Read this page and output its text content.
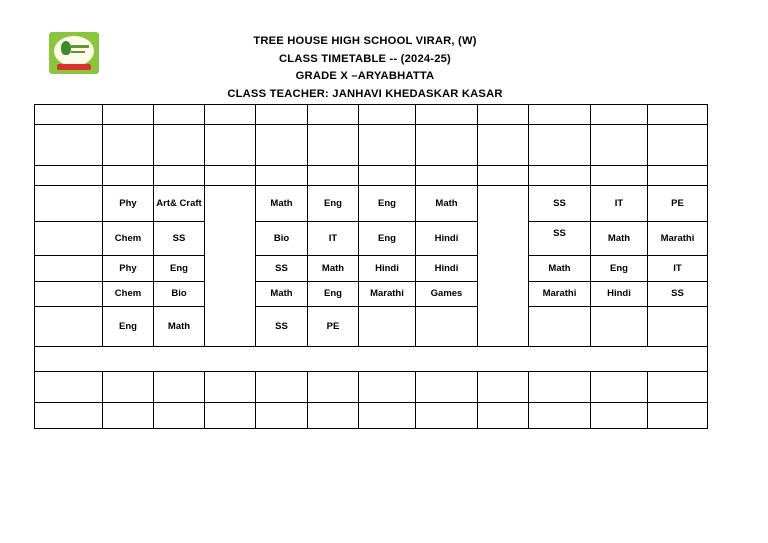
TREE HOUSE HIGH SCHOOL VIRAR, (W)
CLASS TIMETABLE -- (2024-25)
GRADE X –ARYABHATTA
CLASS TEACHER: JANHAVI KHEDASKAR KASAR

	Phy	Art& Craft		Math	Eng	Eng	Math		SS	IT	PE
	Chem	SS		Bio	IT	Eng	Hindi		SS	Math	Marathi
	Phy	Eng		SS	Math	Hindi	Hindi		Math	Eng	IT
	Chem	Bio		Math	Eng	Marathi	Games		Marathi	Hindi	SS
	Eng	Math		SS	PE						
